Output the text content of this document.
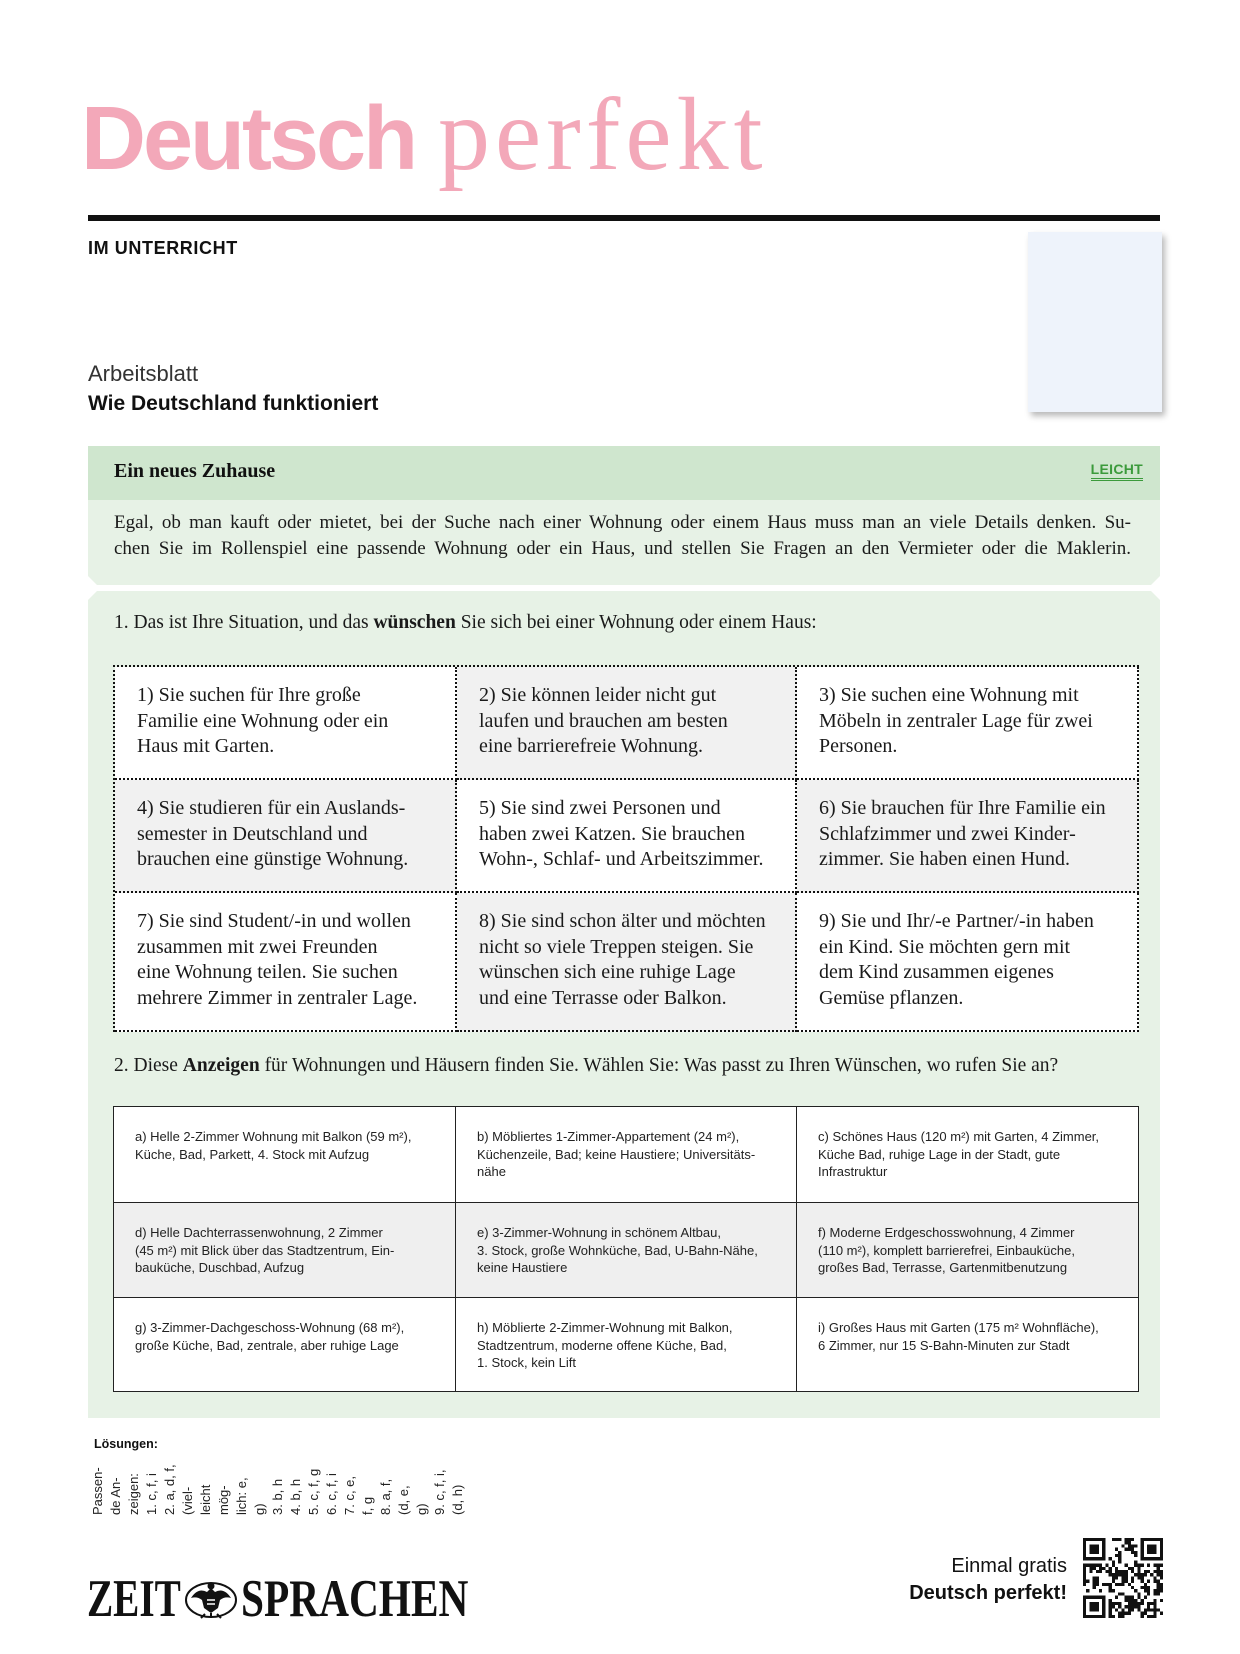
Deutsch perfekt
IM UNTERRICHT
Arbeitsblatt
Wie Deutschland funktioniert
Ein neues Zuhause	LEICHT
Egal, ob man kauft oder mietet, bei der Suche nach einer Wohnung oder einem Haus muss man an viele Details denken. Su-
chen Sie im Rollenspiel eine passende Wohnung oder ein Haus, und stellen Sie Fragen an den Vermieter oder die Maklerin.

1. Das ist Ihre Situation, und das wünschen Sie sich bei einer Wohnung oder einem Haus:

1) Sie suchen für Ihre große
Familie eine Wohnung oder ein
Haus mit Garten.
2) Sie können leider nicht gut
laufen und brauchen am besten
eine barrierefreie Wohnung.
3) Sie suchen eine Wohnung mit
Möbeln in zentraler Lage für zwei
Personen.
4) Sie studieren für ein Auslands-
semester in Deutschland und
brauchen eine günstige Wohnung.
5) Sie sind zwei Personen und
haben zwei Katzen. Sie brauchen
Wohn-, Schlaf- und Arbeitszimmer.
6) Sie brauchen für Ihre Familie ein
Schlafzimmer und zwei Kinder-
zimmer. Sie haben einen Hund.
7) Sie sind Student/-in und wollen
zusammen mit zwei Freunden
eine Wohnung teilen. Sie suchen
mehrere Zimmer in zentraler Lage.
8) Sie sind schon älter und möchten
nicht so viele Treppen steigen. Sie
wünschen sich eine ruhige Lage
und eine Terrasse oder Balkon.
9) Sie und Ihr/-e Partner/-in haben
ein Kind. Sie möchten gern mit
dem Kind zusammen eigenes
Gemüse pflanzen.

2. Diese Anzeigen für Wohnungen und Häusern finden Sie. Wählen Sie: Was passt zu Ihren Wünschen, wo rufen Sie an?

a) Helle 2-Zimmer Wohnung mit Balkon (59 m²),
Küche, Bad, Parkett, 4. Stock mit Aufzug
b) Möbliertes 1-Zimmer-Appartement (24 m²),
Küchenzeile, Bad; keine Haustiere; Universitäts-
nähe
c) Schönes Haus (120 m²) mit Garten, 4 Zimmer,
Küche Bad, ruhige Lage in der Stadt, gute
Infrastruktur
d) Helle Dachterrassenwohnung, 2 Zimmer
(45 m²) mit Blick über das Stadtzentrum, Ein-
bauküche, Duschbad, Aufzug
e) 3-Zimmer-Wohnung in schönem Altbau,
3. Stock, große Wohnküche, Bad, U-Bahn-Nähe,
keine Haustiere
f) Moderne Erdgeschosswohnung, 4 Zimmer
(110 m²), komplett barrierefrei, Einbauküche,
großes Bad, Terrasse, Gartenmitbenutzung
g) 3-Zimmer-Dachgeschoss-Wohnung (68 m²),
große Küche, Bad, zentrale, aber ruhige Lage
h) Möblierte 2-Zimmer-Wohnung mit Balkon,
Stadtzentrum, moderne offene Küche, Bad,
1. Stock, kein Lift
i) Großes Haus mit Garten (175 m² Wohnfläche),
6 Zimmer, nur 15 S-Bahn-Minuten zur Stadt
Lösungen:
Passen- de An- zeigen: 1. c, f, i 2. a, d, f, (viel- leicht mög- lich: e, g) 3. b, h 4. b, h 5. c, f, g 6. c, f, i 7. c, e, f, g 8. a, f, (d, e, g) 9. c, f, i, (d, h)
ZEIT SPRACHEN
Einmal gratis
Deutsch perfekt!
